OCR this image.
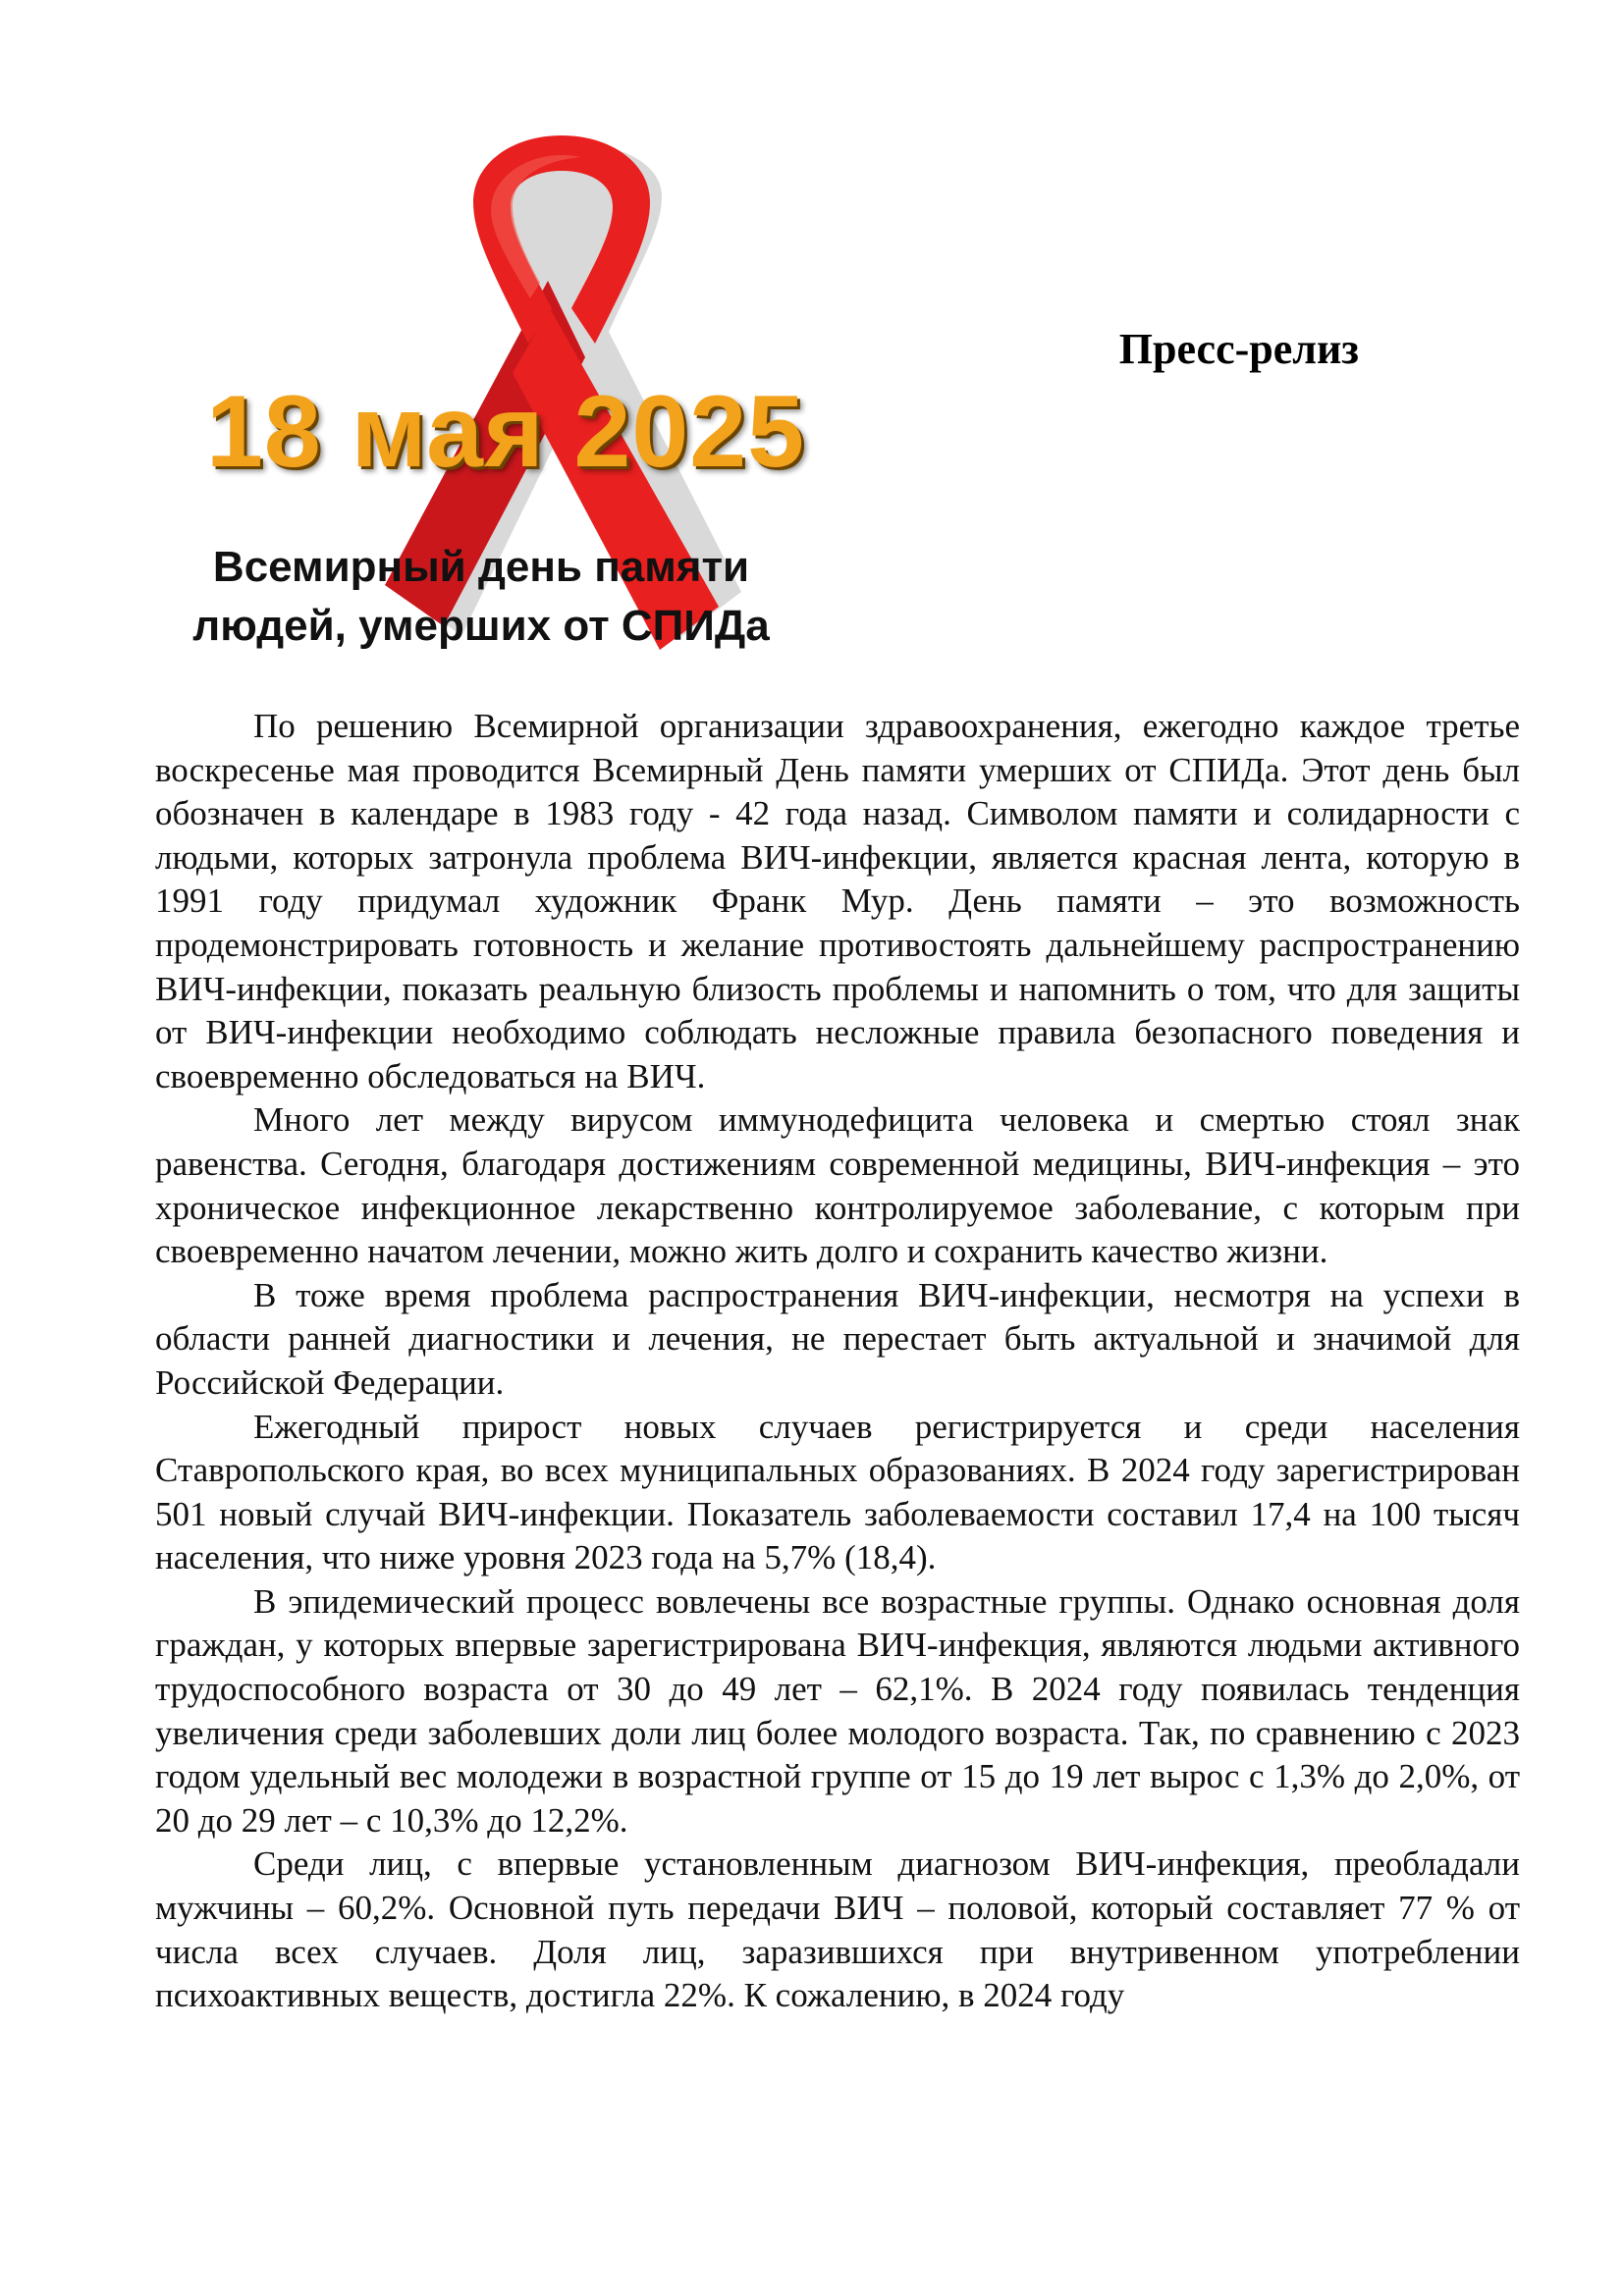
18 мая 2025
Всемирный день памяти
людей, умерших от СПИДа
Пресс-релиз

По решению Всемирной организации здравоохранения, ежегодно каждое третье воскресенье мая проводится Всемирный День памяти умерших от СПИДа. Этот день был обозначен в календаре в 1983 году - 42 года назад. Символом памяти и солидарности с людьми, которых затронула проблема ВИЧ-инфекции, является красная лента, которую в 1991 году придумал художник Франк Мур. День памяти – это возможность продемонстрировать готовность и желание противостоять дальнейшему распространению ВИЧ-инфекции, показать реальную близость проблемы и напомнить о том, что для защиты от ВИЧ-инфекции необходимо соблюдать несложные правила безопасного поведения и своевременно обследоваться на ВИЧ.

Много лет между вирусом иммунодефицита человека и смертью стоял знак равенства. Сегодня, благодаря достижениям современной медицины, ВИЧ-инфекция – это хроническое инфекционное лекарственно контролируемое заболевание, с которым при своевременно начатом лечении, можно жить долго и сохранить качество жизни.

В тоже время проблема распространения ВИЧ-инфекции, несмотря на успехи в области ранней диагностики и лечения, не перестает быть актуальной и значимой для Российской Федерации.

Ежегодный прирост новых случаев регистрируется и среди населения Ставропольского края, во всех муниципальных образованиях. В 2024 году зарегистрирован 501 новый случай ВИЧ-инфекции. Показатель заболеваемости составил 17,4 на 100 тысяч населения, что ниже уровня 2023 года на 5,7% (18,4).

В эпидемический процесс вовлечены все возрастные группы. Однако основная доля граждан, у которых впервые зарегистрирована ВИЧ-инфекция, являются людьми активного трудоспособного возраста от 30 до 49 лет – 62,1%. В 2024 году появилась тенденция увеличения среди заболевших доли лиц более молодого возраста. Так, по сравнению с 2023 годом удельный вес молодежи в возрастной группе от 15 до 19 лет вырос с 1,3% до 2,0%, от 20 до 29 лет – с 10,3% до 12,2%.

Среди лиц, с впервые установленным диагнозом ВИЧ-инфекция, преобладали мужчины – 60,2%. Основной путь передачи ВИЧ – половой, который составляет 77 % от числа всех случаев. Доля лиц, заразившихся при внутривенном употреблении психоактивных веществ, достигла 22%. К сожалению, в 2024 году
